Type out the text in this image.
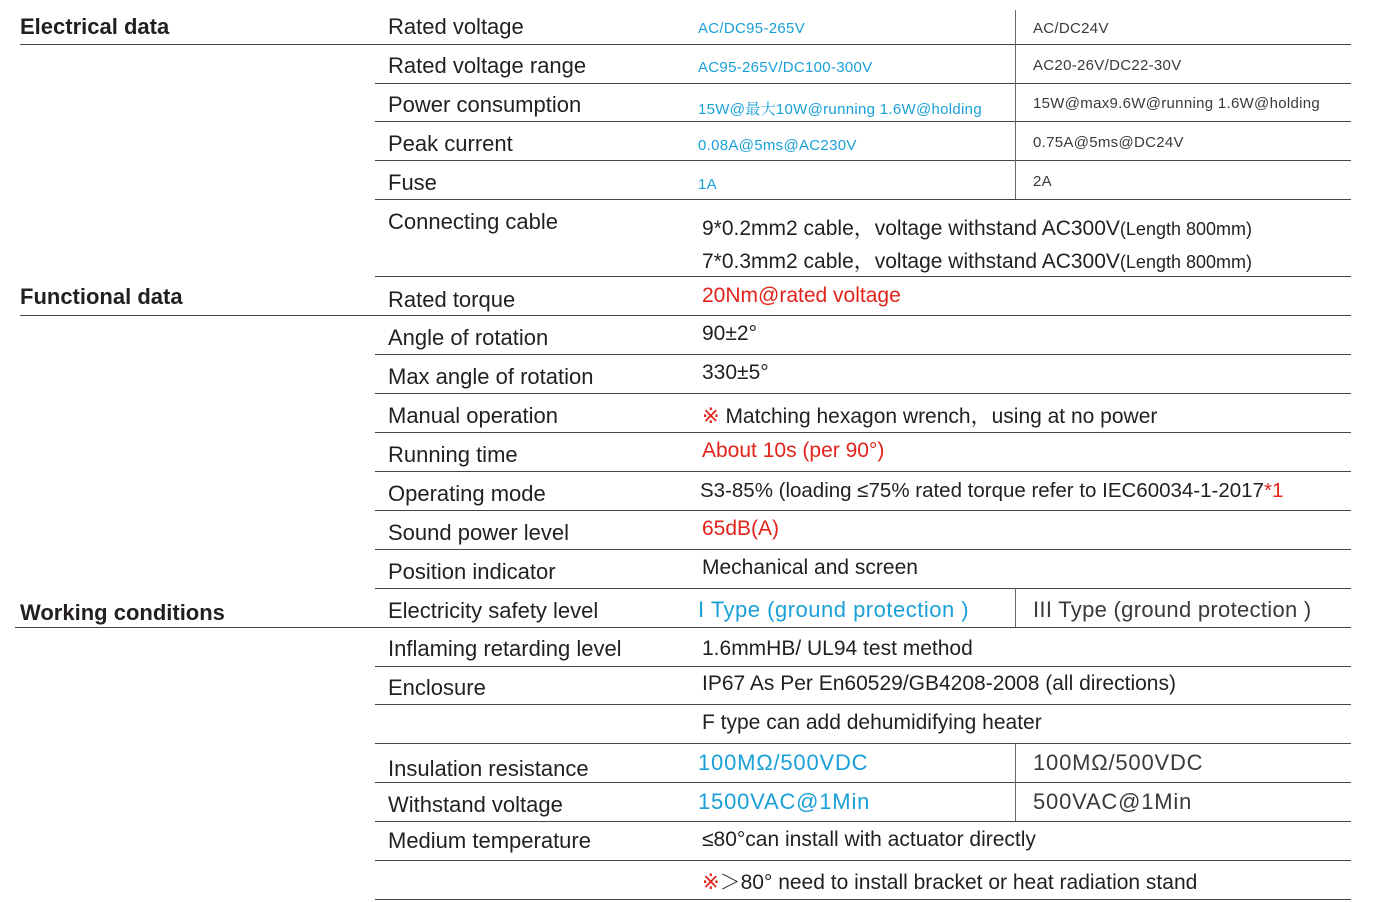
Electrical data
Functional data
Working conditions
Rated voltage	AC/DC95-265V	AC/DC24V
Rated voltage range	AC95-265V/DC100-300V	AC20-26V/DC22-30V
Power consumption	15W@最大10W@running 1.6W@holding	15W@max9.6W@running 1.6W@holding
Peak current	0.08A@5ms@AC230V	0.75A@5ms@DC24V
Fuse	1A	2A
Connecting cable	9*0.2mm2 cable，voltage withstand AC300V(Length 800mm)
7*0.3mm2 cable，voltage withstand AC300V(Length 800mm)
Rated torque	20Nm@rated voltage
Angle of rotation	90±2°
Max angle of rotation	330±5°
Manual operation	※ Matching hexagon wrench，using at no power
Running time	About 10s (per 90°)
Operating mode	S3-85% (loading ≤75% rated torque refer to IEC60034-1-2017*1
Sound power level	65dB(A)
Position indicator	Mechanical and screen
Electricity safety level	I Type (ground protection )	III Type (ground protection )
Inflaming retarding level	1.6mmHB/ UL94 test method
Enclosure	IP67 As Per En60529/GB4208-2008 (all directions)
F type can add dehumidifying heater
Insulation resistance	100MΩ/500VDC	100MΩ/500VDC
Withstand voltage	1500VAC@1Min	500VAC@1Min
Medium temperature	≤80°can install with actuator directly
※＞80° need to install bracket or heat radiation stand
